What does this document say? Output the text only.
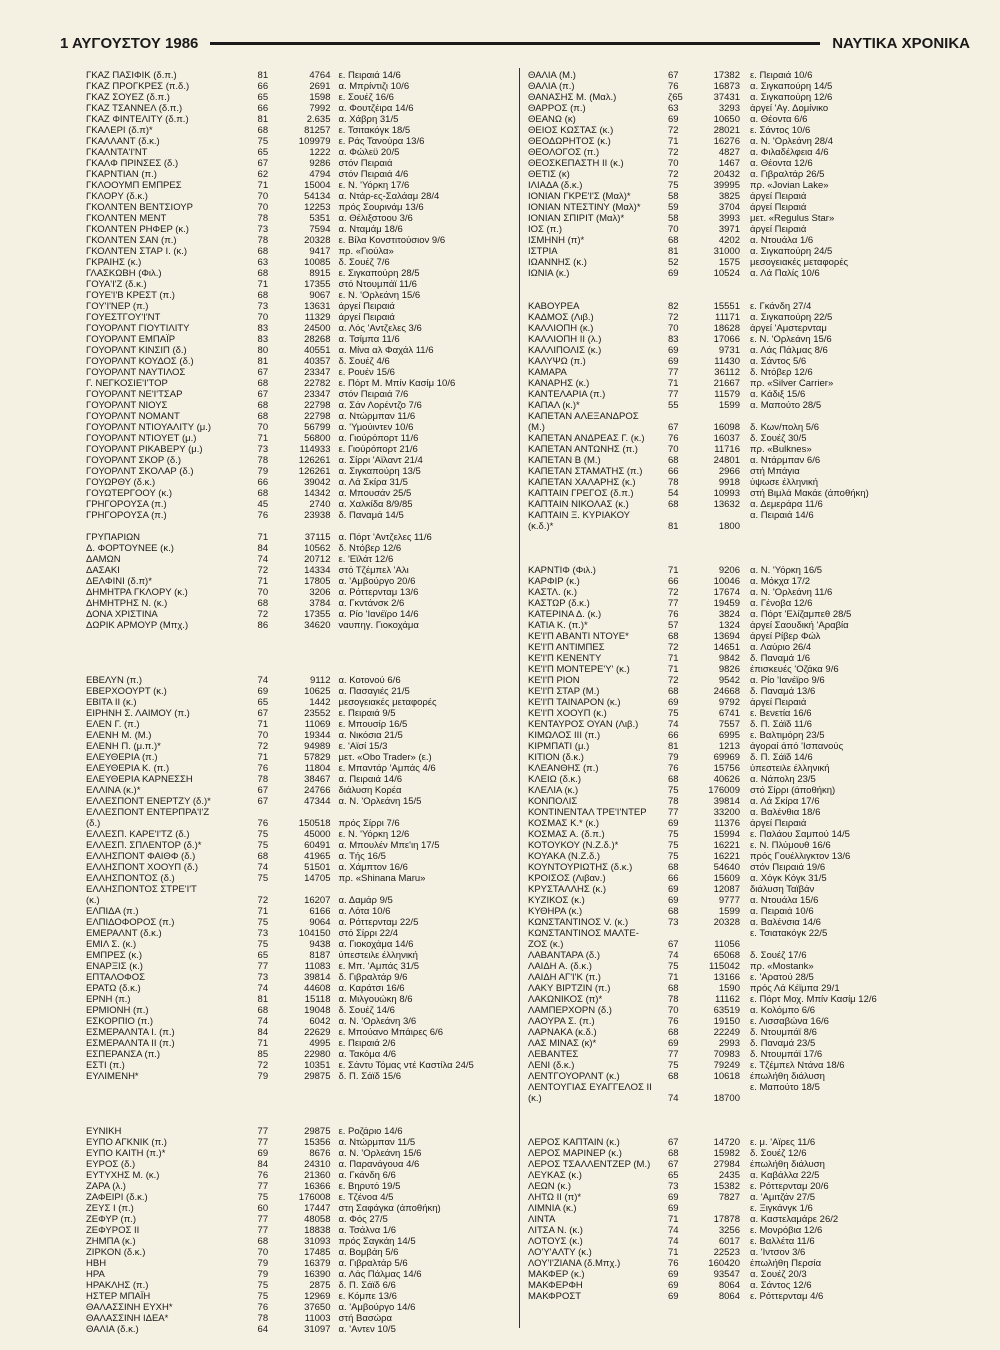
1 ΑΥΓΟΥΣΤΟΥ 1986	ΝΑΥΤΙΚΑ ΧΡΟΝΙΚΑ
ΓΚΑΖ ΠΑΣΙΦΙΚ (δ.π.)	81	4764 ε. Πειραιά 14/6
ΓΚΑΖ ΠΡΟΓΚΡΕΣ (π.δ.)	66	2691 α. Μπρίντιζι 10/6
ΓΚΑΖ ΣΟΥΕΖ (δ.π.)	65	1598 ε. Σουέζ 16/6
ΓΚΑΖ ΤΣΑΝΝΕΛ (δ.π.)	66	7992 α. Φουτζέιρα 14/6
ΓΚΑΖ ΦΙΝΤΕΛΙΤΥ (δ.π.)	81	2.635 α. Χάβρη 31/5
ΓΚΑΛΕΡΙ (δ.π)*	68	81257 ε. Τσιτακόγκ 18/5
ΓΚΑΛΛΑΝΤ (δ.κ.)	75	109979 ε. Ράς Τανούρα 13/6
ΓΚΑΛΝΤΑ'Ι'ΝΤ	65	1222 α. Φώλεϋ 20/5
ΓΚΑΛΦ ΠΡΙΝΣΕΣ (δ.)	67	9286 στόν Πειραιά
ΓΚΑΡΝΤΙΑΝ (π.)	62	4794 στόν Πειραιά 4/6
ΓΚΛΟΟΥΜΠ ΕΜΠΡΕΣ	71	15004 ε. Ν. 'Υόρκη 17/6
ΓΚΛΟΡΥ (δ.κ.)	70	54134 α. Ντάρ-ες-Σαλάαμ 28/4
ΓΚΟΛΝΤΕΝ ΒΕΝΤΣΙΟΥΡ	70	12253 πρός Σουρινάμ 13/6
ΓΚΟΛΝΤΕΝ ΜΕΝΤ	78	5351 α. Θέλιξστοου 3/6
ΓΚΟΛΝΤΕΝ ΡΗΦΕΡ (κ.)	73	7594 α. Νταμάμ 18/6
ΓΚΟΛΝΤΕΝ ΣΑΝ (π.)	78	20328 ε. Βίλα Κονστιτούσιον 9/6
ΓΚΟΛΝΤΕΝ ΣΤΑΡ Ι. (κ.)	68	9417 πρ. «Γιούλα»
ΓΚΡΑΙΗΣ (κ.)	63	10085 δ. Σουέζ 7/6
ΓΛΑΣΚΩΒΗ (Φιλ.)	68	8915 ε. Σιγκαπούρη 28/5
ΓΟΥΑ'Ι'Ζ (δ.κ.)	71	17355 στό Ντουμπάϊ 11/6
ΓΟΥΕ'Ι'Β ΚΡΕΣΤ (π.)	68	9067 ε. Ν. 'Ορλεάνη 15/6
ΓΟΥ'Ι'ΝΕΡ (π.)	73	13631 άργεί Πειραιά
ΓΟΥΕΣΤΓΟΥ'Ι'ΝΤ	70	11329 άργεί Πειραιά
ΓΟΥΟΡΛΝΤ ΓΙΟΥΤΙΛΙΤΥ	83	24500 α. Λός 'Αντζελες 3/6
ΓΟΥΟΡΛΝΤ ΕΜΠΑΪΡ	83	28268 α. Τσίμπα 11/6
ΓΟΥΟΡΛΝΤ ΚΙΝΣΙΠ (δ.)	80	40551 α. Μίνα αλ Φαχάλ 11/6
ΓΟΥΟΡΛΝΤ ΚΟΥΔΟΣ (δ.)	81	40357 δ. Σουέζ 4/6
ΓΟΥΟΡΛΝΤ ΝΑΥΤΙΛΟΣ	67	23347 ε. Ρουέν 15/6
Γ. ΝΕΓΚΟΣΙΕ'Ι'ΤΟΡ	68	22782 ε. Πόρτ Μ. Μπίν Κασίμ 10/6
ΓΟΥΟΡΛΝΤ ΝΕ'Ι'ΤΣΑΡ	67	23347 στόν Πειραιά 7/6
ΓΟΥΟΡΛΝΤ ΝΙΟΥΣ	68	22798 α. Σάν Λορέντζο 7/6
ΓΟΥΟΡΛΝΤ ΝΟΜΑΝΤ	68	22798 α. Ντώρμπαν 11/6
ΓΟΥΟΡΛΝΤ ΝΤΙΟΥΑΛΙΤΥ (μ.)	70	56799 α. 'Υμούιντεν 10/6
ΓΟΥΟΡΛΝΤ ΝΤΙΟΥΕΤ (μ.)	71	56800 α. Γιούρόπορτ 11/6
ΓΟΥΟΡΛΝΤ ΡΙΚΑΒΕΡΥ (μ.)	73	114933 ε. Γιούρόπορτ 21/6
ΓΟΥΟΡΛΝΤ ΣΚΟΡ (δ.)	78	126261 α. Σίρρι 'Αϊλαντ 21/4
ΓΟΥΟΡΛΝΤ ΣΚΟΛΑΡ (δ.)	79	126261 α. Σιγκαπούρη 13/5
ΓΟΥΩΡΘΥ (δ.κ.)	66	39042 α. Λά Σκίρα 31/5
ΓΟΥΩΤΕΡΓΟΟΥ (κ.)	68	14342 α. Μπουσάν 25/5
ΓΡΗΓΟΡΟΥΣΑ (π.)	45	2740 α. Χαλκίδα 8/9/85
ΓΡΗΓΟΡΟΥΣΑ (π.)	76	23938 δ. Παναμά 14/5
ΓΡΥΠΑΡΙΩΝ	71	37115 α. Πόρτ 'Αντζελες 11/6
Δ. ΦΟΡΤΟΥΝΕΕ (κ.)	84	10562 δ. Ντόβερ 12/6
ΔΑΜΩΝ	74	20712 ε. 'Εϊλάτ 12/6
ΔΑΣΑΚΙ	72	14334 στό Τζέμπελ 'Αλι
ΔΕΛΦΙΝΙ (δ.π)*	71	17805 α. 'Αμβούργο 20/6
ΔΗΜΗΤΡΑ ΓΚΛΟΡΥ (κ.)	70	3206 α. Ρόττερνταμ 13/6
ΔΗΜΗΤΡΗΣ Ν. (κ.)	68	3784 α. Γκντάνσκ 2/6
ΔΟΝΑ ΧΡΙΣΤΙΝΑ	72	17355 α. Ρίο 'Ιανέϊρο 14/6
ΔΩΡΙΚ ΑΡΜΟΥΡ (Μπχ.)	86	34620 ναυπηγ. Γιοκοχάμα
ΕΒΕΛΥΝ (π.)	74	9112 α. Κοτονού 6/6
ΕΒΕΡΧΟΟΥΡΤ (κ.)	69	10625 α. Πασαγιές 21/5
ΕΒΙΤΑ ΙΙ (κ.)	65	1442 μεσογειακές μεταφορές
ΕΙΡΗΝΗ Σ. ΛΑΙΜΟΥ (π.)	67	23552 ε. Πειραιά 9/5
ΕΛΕΝ Γ. (π.)	71	11069 ε. Μπουσίρ 16/5
ΕΛΕΝΗ Μ. (Μ.)	70	19344 α. Νικόσια 21/5
ΕΛΕΝΗ Π. (μ.π.)*	72	94989 ε. 'Αϊσί 15/3
ΕΛΕΥΘΕΡΙΑ (π.)	71	57829 μετ. «Obo Trader» (ε.)
ΕΛΕΥΘΕΡΙΑ Κ. (π.)	76	11804 ε. Μπαντάρ 'Αμπάς 4/6
ΕΛΕΥΘΕΡΙΑ ΚΑΡΝΕΣΣΗ	78	38467 α. Πειραιά 14/6
ΕΛΛΙΝΑ (κ.)*	67	24766 διάλυση Κορέα
ΕΛΛΕΣΠΟΝΤ ΕΝΕΡΤΖΥ (δ.)*	67	47344 α. Ν. 'Ορλεάνη 15/5
ΕΛΛΕΣΠΟΝΤ ΕΝΤΕΡΠΡΑ'Ι'Ζ
(δ.)	76	150518 πρός Σίρρι 7/6
ΕΛΛΕΣΠ. ΚΑΡΕ'Ι'ΤΖ (δ.)	75	45000 ε. Ν. 'Υόρκη 12/6
ΕΛΛΕΣΠ. ΣΠΛΕΝΤΟΡ (δ.)*	75	60491 α. Μπουλέν Μπε'ιη 17/5
ΕΛΛΗΣΠΟΝΤ ΦΑΙΘΦ (δ.)	68	41965 α. Τής 16/5
ΕΛΛΗΣΠΟΝΤ ΧΟΟΥΠ (δ.)	74	51501 α. Χάμπτον 16/6
ΕΛΛΗΣΠΟΝΤΟΣ (δ.)	75	14705 πρ. «Shinana Maru»
ΕΛΛΗΣΠΟΝΤΟΣ ΣΤΡΕ'Ι'Τ
(κ.)	72	16207 α. Δαμάρ 9/5
ΕΛΠΙΔΑ (π.)	71	6166 α. Λότα 10/6
ΕΛΠΙΔΟΦΟΡΟΣ (π.)	75	9064 α. Ρόττερνταμ 22/5
ΕΜΕΡΑΛΝΤ (δ.κ.)	73	104150 στό Σίρρι 22/4
ΕΜΙΛ Σ. (κ.)	75	9438 α. Γιοκοχάμα 14/6
ΕΜΠΡΕΣ (κ.)	65	8187 ύπεστειλε έλληνική
ΕΝΑΡΞΙΣ (κ.)	77	11083 ε. Μπ. 'Αμπάς 31/5
ΕΠΤΑΛΟΦΟΣ	73	39814 δ. Γιβραλτάρ 9/6
ΕΡΑΤΩ (δ.κ.)	74	44608 α. Καράτσι 16/6
ΕΡΝΗ (π.)	81	15118 α. Μιλγουώκη 8/6
ΕΡΜΙΟΝΗ (π.)	68	19048 δ. Σουέζ 14/6
ΕΣΚΟΡΠΙΟ (π.)	74	6042 α. Ν. 'Ορλεάνη 3/6
ΕΣΜΕΡΑΛΝΤΑ Ι. (π.)	84	22629 ε. Μπούανο Μπάιρες 6/6
ΕΣΜΕΡΑΛΝΤΑ ΙΙ (π.)	71	4995 ε. Πειραιά 2/6
ΕΣΠΕΡΑΝΣΑ (π.)	85	22980 α. Τακόμα 4/6
ΕΣΤΙ (π.)	72	10351 ε. Σάντυ Τόμας ντέ Καστίλα 24/5
ΕΥΛΙΜΕΝΗ*	79	29875 δ. Π. Σάϊδ 15/6
ΕΥΝΙΚΗ	77	29875 ε. Ροζάριο 14/6
ΕΥΠΟ ΑΓΚΝΙΚ (π.)	77	15356 α. Ντώρμπαν 11/5
ΕΥΠΟ ΚΑΙΤΗ (π.)*	69	8676 α. Ν. 'Ορλεάνη 15/6
ΕΥΡΟΣ (δ.)	84	24310 α. Παρανάγουα 4/6
ΕΥΤΥΧΗΣ Μ. (κ.)	76	21360 α. Γκάνδη 6/6
ΖΑΡΑ (λ.)	77	16366 ε. Βηρυτό 19/5
ΖΑΦΕΙΡΙ (δ.κ.)	75	176008 ε. Τζένοα 4/5
ΖΕΥΣ Ι (π.)	60	17447 στη Σαφάγκα (άποθήκη)
ΖΕΦΥΡ (π.)	77	48058 α. Φός 27/5
ΖΕΦΥΡΟΣ ΙΙ	77	18838 α. Τσάλνα 1/6
ΖΗΜΠΑ (κ.)	68	31093 πρός Σαγκάη 14/5
ΖΙΡΚΟΝ (δ.κ.)	70	17485 α. Βομβάη 5/6
ΗΒΗ	79	16379 α. Γιβραλτάρ 5/6
ΗΡΑ	79	16390 α. Λάς Πάλμας 14/6
ΗΡΑΚΛΗΣ (π.)	75	2875 δ. Π. Σάϊδ 6/6
ΗΣΤΕΡ ΜΠΑΪΗ	75	12969 ε. Κόμπε 13/6
ΘΑΛΑΣΣΙΝΗ ΕΥΧΗ*	76	37650 α. 'Αμβούργο 14/6
ΘΑΛΑΣΣΙΝΗ ΙΔΕΑ*	78	11003 στή Βασώρα
ΘΑΛΙΑ (δ.κ.)	64	31097 α. 'Αντεν 10/5
ΘΑΛΙΑ (Μ.)	67	17382	ε. Πειραιά 10/6
ΘΑΛΙΑ (π.)	76	16873	α. Σιγκαπούρη 14/5
ΘΑΝΑΣΗΣ Μ. (Μαλ.)	ζ65	37431	α. Σιγκαπούρη 12/6
ΘΑΡΡΟΣ (π.)	63	3293	άργεί 'Αγ. Δομίνικο
ΘΕΑΝΩ (κ)	69	10650	α. Θέοντα 6/6
ΘΕΙΟΣ ΚΩΣΤΑΣ (κ.)	72	28021	ε. Σάντος 10/6
ΘΕΟΔΩΡΗΤΟΣ (κ.)	71	16276	α. Ν. 'Ορλεάνη 28/4
ΘΕΟΛΟΓΟΣ (π.)	72	4827	α. Φιλαδέλφεια 4/6
ΘΕΟΣΚΕΠΑΣΤΗ ΙΙ (κ.)	70	1467	α. Θέοντα 12/6
ΘΕΤΙΣ (κ)	72	20432	α. Γιβραλτάρ 26/5
ΙΛΙΑΔΑ (δ.κ.)	75	39995	πρ. «Jovian Lake»
ΙΟΝΙΑΝ ΓΚΡΕ'Ι'Σ (Μαλ)*	58	3825	άργεί Πειραιά
ΙΟΝΙΑΝ ΝΤΕΣΤΙΝΥ (Μαλ)*	59	3704	άργεί Πειραιά
ΙΟΝΙΑΝ ΣΠΙΡΙΤ (Μαλ)*	58	3993	μετ. «Regulus Star»
ΙΟΣ (π.)	70	3971	άργεί Πειραιά
ΙΣΜΗΝΗ (π)*	68	4202	α. Ντουάλα 1/6
ΙΣΤΡΙΑ	81	31000	α. Σιγκαπούρη 24/5
ΙΩΑΝΝΗΣ (κ.)	52	1575	μεσογειακές μεταφορές
ΙΩΝΙΑ (κ.)	69	10524	α. Λά Παλίς 10/6
ΚΑΒΟΥΡΕΑ	82	15551	ε. Γκάνδη 27/4
ΚΑΔΜΟΣ (Λιβ.)	72	11171	α. Σιγκαπούρη 22/5
ΚΑΛΛΙΟΠΗ (κ.)	70	18628	άργεί 'Αμστερνταμ
ΚΑΛΛΙΟΠΗ ΙΙ (λ.)	83	17066	ε. Ν. 'Ορλεάνη 15/6
ΚΑΛΛΙΠΟΛΙΣ (κ.)	69	9731	α. Λάς Πάλμας 8/6
ΚΑΛΥΨΩ (π.)	69	11430	α. Σάντος 5/6
ΚΑΜΑΡΑ	77	36112	δ. Ντόβερ 12/6
ΚΑΝΑΡΗΣ (κ.)	71	21667	πρ. «Silver Carrier»
ΚΑΝΤΕΛΑΡΙΑ (π.)	77	11579	α. Κάδιξ 15/6
ΚΑΠΑΛ (κ.)*	55	1599	α. Μαπούτο 28/5
ΚΑΠΕΤΑΝ ΑΛΕΞΑΝΔΡΟΣ
(Μ.)	67	16098	δ. Κων/πολη 5/6
ΚΑΠΕΤΑΝ ΑΝΔΡΕΑΣ Γ. (κ.)	76	16037	δ. Σουέζ 30/5
ΚΑΠΕΤΑΝ ΑΝΤΩΝΗΣ (π.)	70	11716	πρ. «Bulknes»
ΚΑΠΕΤΑΝ Β (Μ.)	68	24801	α. Ντάρμπαν 6/6
ΚΑΠΕΤΑΝ ΣΤΑΜΑΤΗΣ (π.)	66	2966	στή Μπάγια
ΚΑΠΕΤΑΝ ΧΑΛΑΡΗΣ (κ.)	78	9918	ύψωσε έλληνική
ΚΑΠΤΑΙΝ ΓΡΕΓΟΣ (δ.π.)	54	10993	στή Βιμλά Μακάε (άποθήκη)
ΚΑΠΤΑΙΝ ΝΙΚΟΛΑΣ (κ.)	68	13632	α. Δεμεράρα 11/6
ΚΑΠΤΑΙΝ Ξ. ΚΥΡΙΑΚΟΥ	α. Πειραιά 14/6
(κ.δ.)*	81	1800
ΚΑΡΝΤΙΦ (Φιλ.)	71	9206	α. Ν. 'Υόρκη 16/5
ΚΑΡΦΙΡ (κ.)	66	10046	α. Μόκχα 17/2
ΚΑΣΤΛ. (κ.)	72	17674	α. Ν. 'Ορλεάνη 11/6
ΚΑΣΤΩΡ (δ.κ.)	77	19459	α. Γένοβα 12/6
ΚΑΤΕΡΙΝΑ Δ. (κ.)	76	3824	α. Πόρτ 'Ελίζαμπεθ 28/5
ΚΑΤΙΑ Κ. (π.)*	57	1324	άργεί Σαουδική 'Αραβία
ΚΕ'Ι'Π ΑΒΑΝΤΙ ΝΤΟΥΕ*	68	13694	άργεί Ρίβερ Φώλ
ΚΕ'Ι'Π ΑΝΤΙΜΠΕΣ	72	14651	α. Λαύριο 26/4
ΚΕ'Ι'Π ΚΕΝΕΝΤΥ	71	9842	δ. Παναμά 1/6
ΚΕ'Ι'Π ΜΟΝΤΕΡΕ'Υ' (κ.)	71	9826	έπισκευές 'Οζάκα 9/6
ΚΕ'Ι'Π ΡΙΟΝ	72	9542	α. Ρίο 'Ιανέϊρο 9/6
ΚΕ'Ι'Π ΣΤΑΡ (Μ.)	68	24668	δ. Παναμά 13/6
ΚΕ'Ι'Π ΤΑΙΝΑΡΟΝ (κ.)	69	9792	άργεί Πειραιά
ΚΕ'Ι'Π ΧΟΟΥΠ (κ.)	75	6741	ε. Βενετία 16/6
ΚΕΝΤΑΥΡΟΣ ΟΥΑΝ (Λιβ.)	74	7557	δ. Π. Σάϊδ 11/6
ΚΙΜΩΛΟΣ ΙΙΙ (π.)	66	6995	ε. Βαλτιμόρη 23/5
ΚΙΡΜΠΑΤΙ (μ.)	81	1213	άγοραί άπό 'Ισπανούς
ΚΙΤΙΟΝ (δ.κ.)	79	69969	δ. Π. Σάϊδ 14/6
ΚΛΕΑΝΘΗΣ (π.)	76	15756	ύπεστειλε έλληνική
ΚΛΕΙΩ (δ.κ.)	68	40626	α. Νάπολη 23/5
ΚΛΕΛΙΑ (κ.)	75	176009	στό Σίρρι (άποθήκη)
ΚΟΝΠΟΛΙΣ	78	39814	α. Λά Σκίρα 17/6
ΚΟΝΤΙΝΕΝΤΑΛ ΤΡΕ'Ι'ΝΤΕΡ	77	33200	α. Βαλένθια 18/6
ΚΟΣΜΑΣ Κ.* (κ.)	69	11376	άργεί Πειραιά
ΚΟΣΜΑΣ Α. (δ.π.)	75	15994	ε. Παλάου Σαμπού 14/5
ΚΟΤΟΥΚΟΥ (Ν.Ζ.δ.)*	75	16221	ε. Ν. Πλύμουθ 16/6
ΚΟΥΑΚΑ (Ν.Ζ.δ.)	75	16221	πρός Γουέλλιγκτον 13/6
ΚΟΥΝΤΟΥΡΙΩΤΗΣ (δ.κ.)	68	54640	στόν Πειραιά 19/6
ΚΡΟΙΣΟΣ (Λιβαν.)	66	15609	α. Χόγκ Κόγκ 31/5
ΚΡΥΣΤΑΛΛΗΣ (κ.)	69	12087	διάλυση Ταϊβάν
ΚΥΖΙΚΟΣ (κ.)	69	9777	α. Ντουάλα 15/6
ΚΥΘΗΡΑ (κ.)	68	1599	α. Πειραιά 10/6
ΚΩΝΣΤΑΝΤΙΝΟΣ V. (κ.)	73	20328	α. Βαλένσια 14/6
ΚΩΝΣΤΑΝΤΙΝΟΣ ΜΑΛΤΕ-	ε. Τσιατακόγκ 22/5
ΖΟΣ (κ.)	67	11056
ΛΑΒΑΝΤΑΡΑ (δ.)	74	65068	δ. Σουέζ 17/6
ΛΑΙΔΗ Α. (δ.κ.)	75	115042	πρ. «Mostank»
ΛΑΙΔΗ ΑΓ'Ι'Κ (π.)	71	13166	ε. 'Αρατού 28/5
ΛΑΚΥ ΒΙΡΤΖΙΝ (π.)	68	1590	πρός Λά Κέϊμπα 29/1
ΛΑΚΩΝΙΚΟΣ (π)*	78	11162	ε. Πόρτ Μοχ. Μπίν Κασίμ 12/6
ΛΑΜΠΕΡΧΟΡΝ (δ.)	70	63519	α. Κολόμπο 6/6
ΛΑΟΥΡΑ Σ. (π.)	76	19150	ε. Λισσαβώνα 16/6
ΛΑΡΝΑΚΑ (κ.δ.)	68	22249	δ. Ντουμπάϊ 8/6
ΛΑΣ ΜΙΝΑΣ (κ)*	69	2993	δ. Παναμά 23/5
ΛΕΒΑΝΤΕΣ	77	70983	δ. Ντουμπάϊ 17/6
ΛΕΝΙ (δ.κ.)	75	79249	ε. Τζέμπελ Ντάνα 18/6
ΛΕΝΤΓΟΥΟΡΛΝΤ (κ.)	68	10618	έπωλήθη διάλυση
ΛΕΝΤΟΥΓΙΑΣ ΕΥΑΓΓΕΛΟΣ ΙΙ	ε. Μαπούτο 18/5
(κ.)	74	18700
ΛΕΡΟΣ ΚΑΠΤΑΙΝ (κ.)	67	14720	ε. μ. 'Αϊρες 11/6
ΛΕΡΟΣ ΜΑΡΙΝΕΡ (κ.)	68	15982	δ. Σουέζ 12/6
ΛΕΡΟΣ ΤΣΑΛΛΕΝΤΖΕΡ (Μ.)	67	27984	έπωλήθη διάλυση
ΛΕΥΚΑΣ (κ.)	65	2435	α. Καβάλλα 22/5
ΛΕΩΝ (κ.)	73	15382	ε. Ρόττερνταμ 20/6
ΛΗΤΩ ΙΙ (π)*	69	7827	α. 'Αμιτζάν 27/5
ΛΙΜΝΙΑ (κ.)	69	ε. Ξιγκάνγκ 1/6
ΛΙΝΤΑ	71	17878	α. Καστελαμάρε 26/2
ΛΙΤΣΑ Ν. (κ.)	74	3256	ε. Μονρόβια 12/6
ΛΟΤΟΥΣ (κ.)	74	6017	ε. Βαλλέτα 11/6
ΛΟ'Υ'ΑΛΤΥ (κ.)	71	22523	α. 'Ιντσον 3/6
ΛΟΥ'Ι'ΖΙΑΝΑ (δ.Μπχ.)	76	160420	έπωλήθη Περσία
ΜΑΚΦΕΡ (κ.)	69	93547	α. Σουέζ 20/3
ΜΑΚΦΕΡΦΗ	69	8064	α. Σάντος 12/6
ΜΑΚΦΡΟΣΤ	69	8064	ε. Ρόττερνταμ 4/6
